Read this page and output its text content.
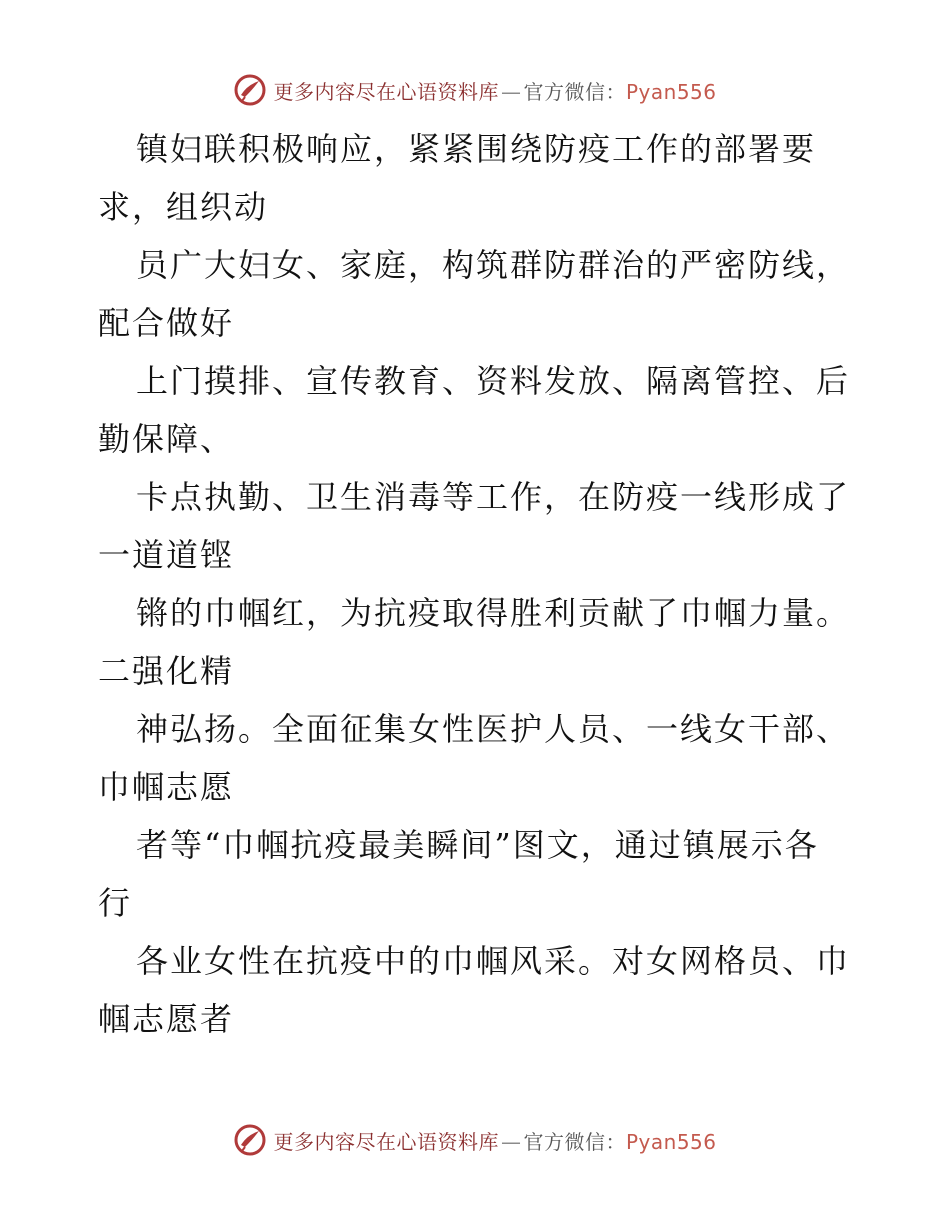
更多内容尽在心语资料库 — 官方微信：Pyan556
镇妇联积极响应，紧紧围绕防疫工作的部署要
求，组织动
员广大妇女、家庭，构筑群防群治的严密防线，
配合做好
上门摸排、宣传教育、资料发放、隔离管控、后
勤保障、
卡点执勤、卫生消毒等工作，在防疫一线形成了
一道道铿
锵的巾帼红，为抗疫取得胜利贡献了巾帼力量。
二强化精
神弘扬。全面征集女性医护人员、一线女干部、
巾帼志愿
者等“巾帼抗疫最美瞬间”图文，通过镇展示各
行
各业女性在抗疫中的巾帼风采。对女网格员、巾
帼志愿者
更多内容尽在心语资料库 — 官方微信：Pyan556
